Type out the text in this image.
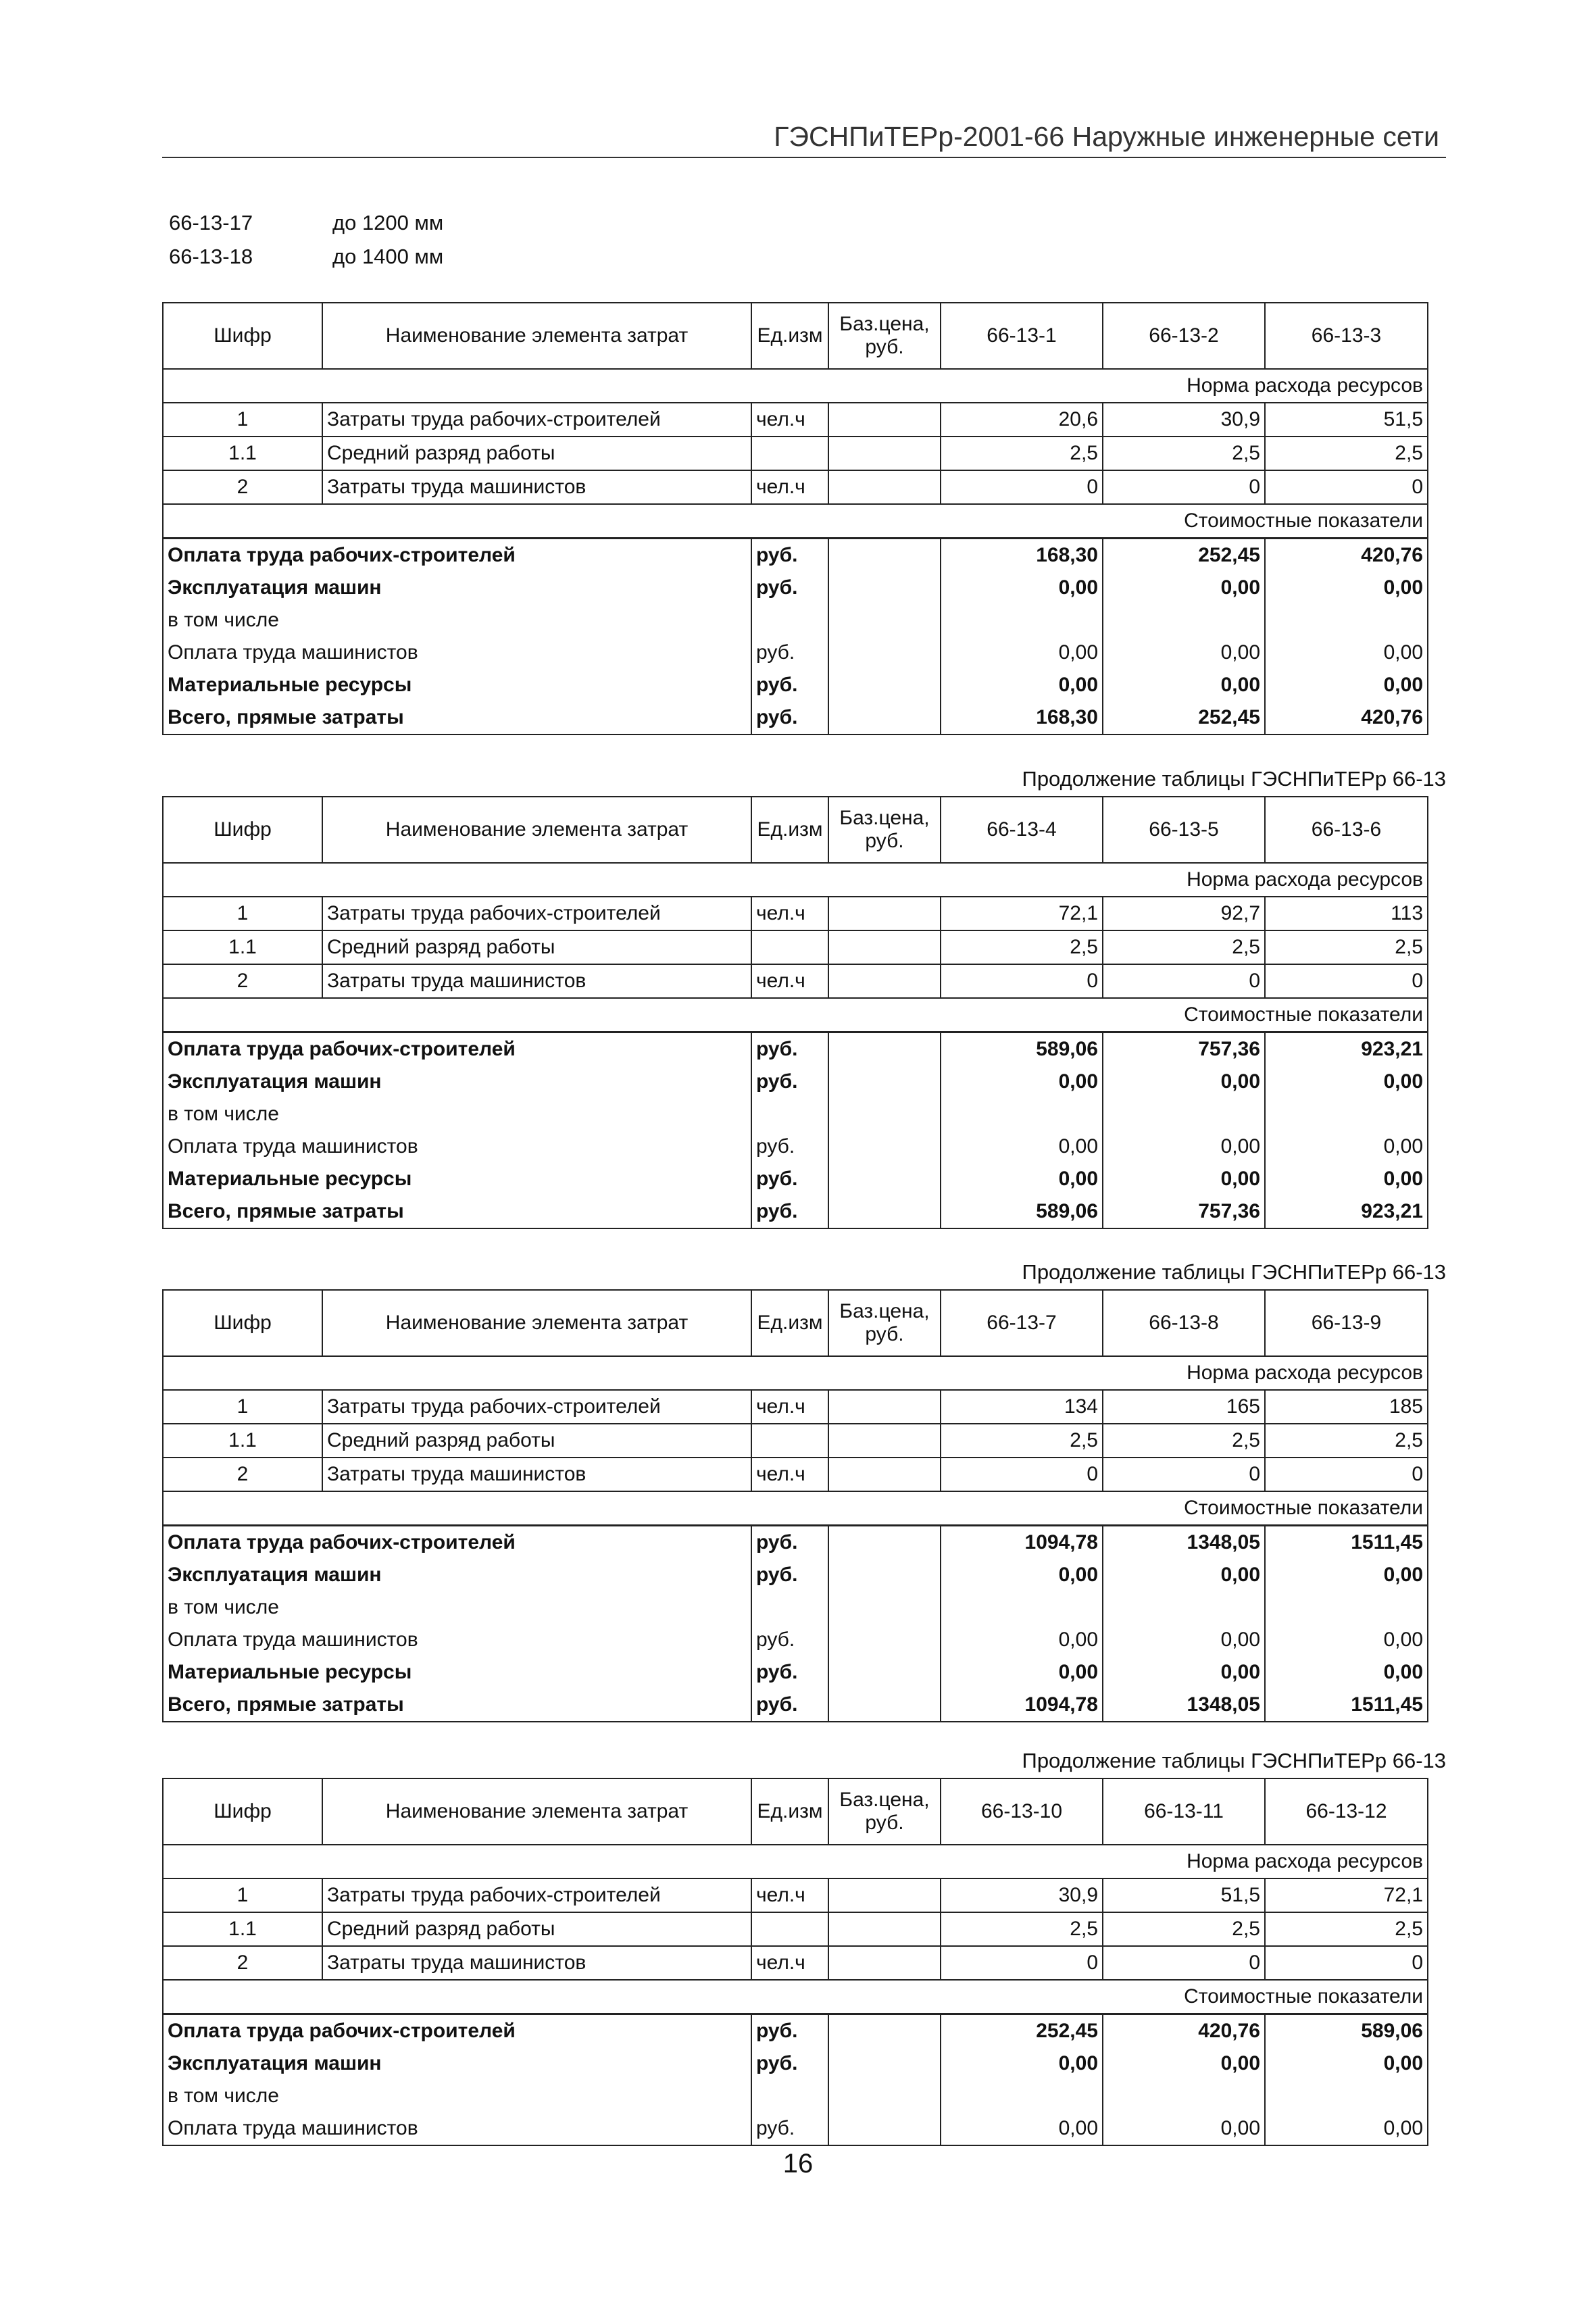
ГЭСНПиТЕРр-2001-66 Наружные инженерные сети
66-13-17	до 1200 мм
66-13-18	до 1400 мм
Шифр	Наименование элемента затрат	Ед.изм	Баз.цена, руб.	66-13-1	66-13-2	66-13-3
Норма расхода ресурсов						
1	Затраты труда рабочих-строителей	чел.ч		20,6	30,9	51,5
1.1	Средний разряд работы			2,5	2,5	2,5
2	Затраты труда машинистов	чел.ч		0	0	0
Стоимостные показатели						
Оплата труда рабочих-строителей		руб.		168,30	252,45	420,76
Эксплуатация машин		руб.		0,00	0,00	0,00
в том числе						
Оплата труда машинистов		руб.		0,00	0,00	0,00
Материальные ресурсы		руб.		0,00	0,00	0,00
Всего, прямые затраты		руб.		168,30	252,45	420,76
Продолжение таблицы ГЭСНПиТЕРр 66-13
Шифр	Наименование элемента затрат	Ед.изм	Баз.цена, руб.	66-13-4	66-13-5	66-13-6
Норма расхода ресурсов						
1	Затраты труда рабочих-строителей	чел.ч		72,1	92,7	113
1.1	Средний разряд работы			2,5	2,5	2,5
2	Затраты труда машинистов	чел.ч		0	0	0
Стоимостные показатели						
Оплата труда рабочих-строителей		руб.		589,06	757,36	923,21
Эксплуатация машин		руб.		0,00	0,00	0,00
в том числе						
Оплата труда машинистов		руб.		0,00	0,00	0,00
Материальные ресурсы		руб.		0,00	0,00	0,00
Всего, прямые затраты		руб.		589,06	757,36	923,21
Продолжение таблицы ГЭСНПиТЕРр 66-13
Шифр	Наименование элемента затрат	Ед.изм	Баз.цена, руб.	66-13-7	66-13-8	66-13-9
Норма расхода ресурсов						
1	Затраты труда рабочих-строителей	чел.ч		134	165	185
1.1	Средний разряд работы			2,5	2,5	2,5
2	Затраты труда машинистов	чел.ч		0	0	0
Стоимостные показатели						
Оплата труда рабочих-строителей		руб.		1094,78	1348,05	1511,45
Эксплуатация машин		руб.		0,00	0,00	0,00
в том числе						
Оплата труда машинистов		руб.		0,00	0,00	0,00
Материальные ресурсы		руб.		0,00	0,00	0,00
Всего, прямые затраты		руб.		1094,78	1348,05	1511,45
Продолжение таблицы ГЭСНПиТЕРр 66-13
Шифр	Наименование элемента затрат	Ед.изм	Баз.цена, руб.	66-13-10	66-13-11	66-13-12
Норма расхода ресурсов						
1	Затраты труда рабочих-строителей	чел.ч		30,9	51,5	72,1
1.1	Средний разряд работы			2,5	2,5	2,5
2	Затраты труда машинистов	чел.ч		0	0	0
Стоимостные показатели						
Оплата труда рабочих-строителей		руб.		252,45	420,76	589,06
Эксплуатация машин		руб.		0,00	0,00	0,00
в том числе						
Оплата труда машинистов		руб.		0,00	0,00	0,00
16
